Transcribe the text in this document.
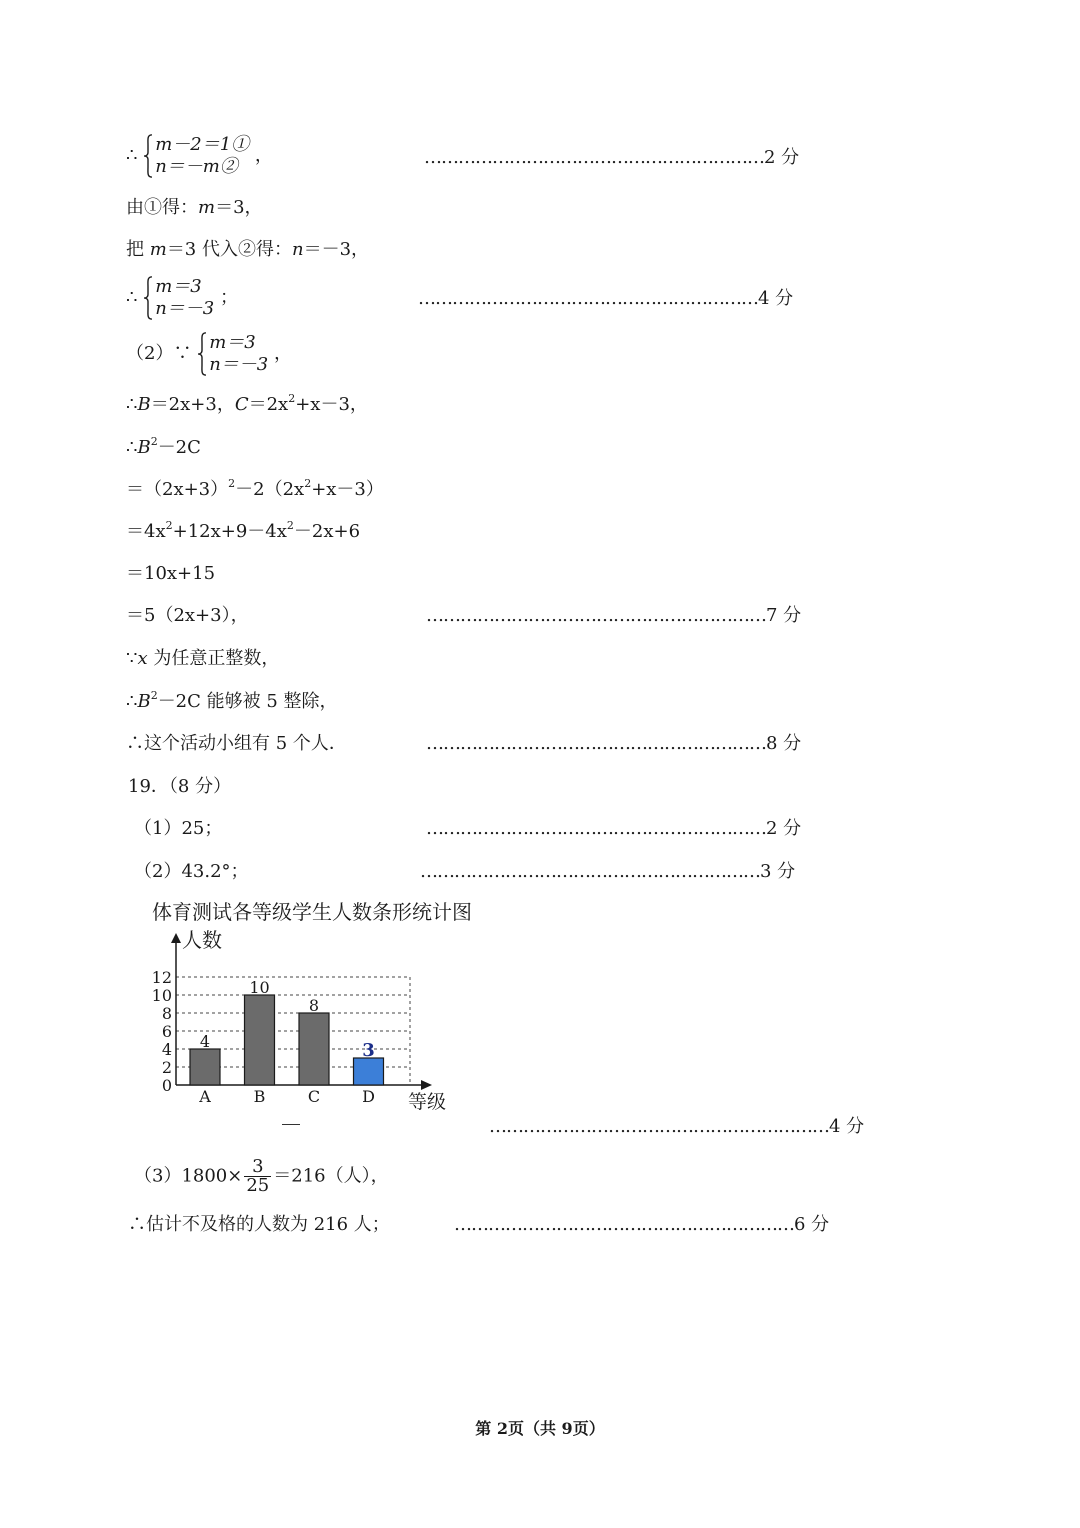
∴
m－2＝1①
n＝－m②
，	……………………………………………………2 分
由①得：m＝3，
把 m＝3 代入②得：n＝－3，
∴
m＝3
n＝－3
；	……………………………………………………4 分
（2）∵
m＝3
n＝－3
，
∴B＝2x+3，$C=2x^2+x-3$，
$\therefore B^2-2C$
$=(2x+3)^2-2(2x^2+x-3)$
$=4x^2+12x+9-4x^2-2x+6$
＝10x+15
＝5（2x+3），	……………………………………………………7 分
∵x 为任意正整数，
$\therefore B^2-2C$ 能够被 5 整除，
∴这个活动小组有 5 个人．	……………………………………………………8 分
19．（8 分）
（1）25；	……………………………………………………2 分
（2）43.2°；	……………………………………………………3 分
体育测试各等级学生人数条形统计图
0
2
4
6
8
10
12
人数
等级
4
A
10
B
8
C
3
D
……………………………………………………4 分
$(3)1800\times \frac{3}{25} =216$（人），
∴估计不及格的人数为 216 人；	……………………………………………………6 分
第 2页（共 9页）
